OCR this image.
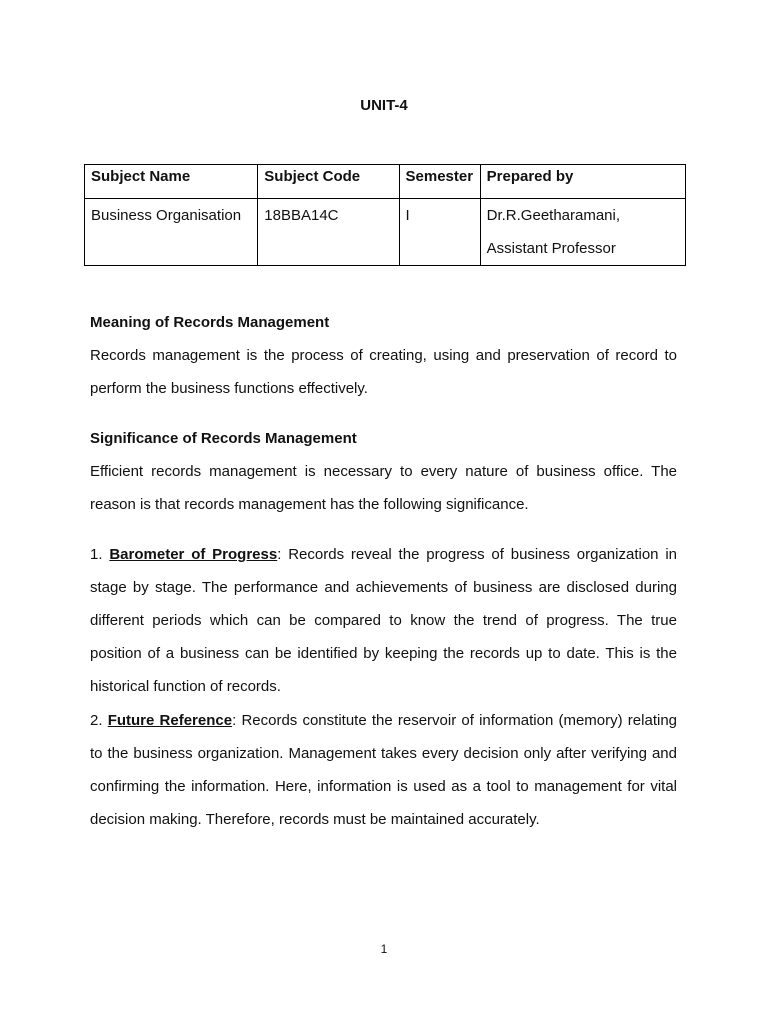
UNIT-4
Subject Name	Subject Code	Semester	Prepared by
Business Organisation	18BBA14C	I	Dr.R.Geetharamani,
Assistant Professor
Meaning of Records Management
Records management is the process of creating, using and preservation of record to perform the business functions effectively.
Significance of Records Management
Efficient records management is necessary to every nature of business office. The reason is that records management has the following significance.
1. Barometer of Progress: Records reveal the progress of business organization in stage by stage. The performance and achievements of business are disclosed during different periods which can be compared to know the trend of progress. The true position of a business can be identified by keeping the records up to date. This is the historical function of records.
2. Future Reference: Records constitute the reservoir of information (memory) relating to the business organization. Management takes every decision only after verifying and confirming the information. Here, information is used as a tool to management for vital decision making. Therefore, records must be maintained accurately.
1
